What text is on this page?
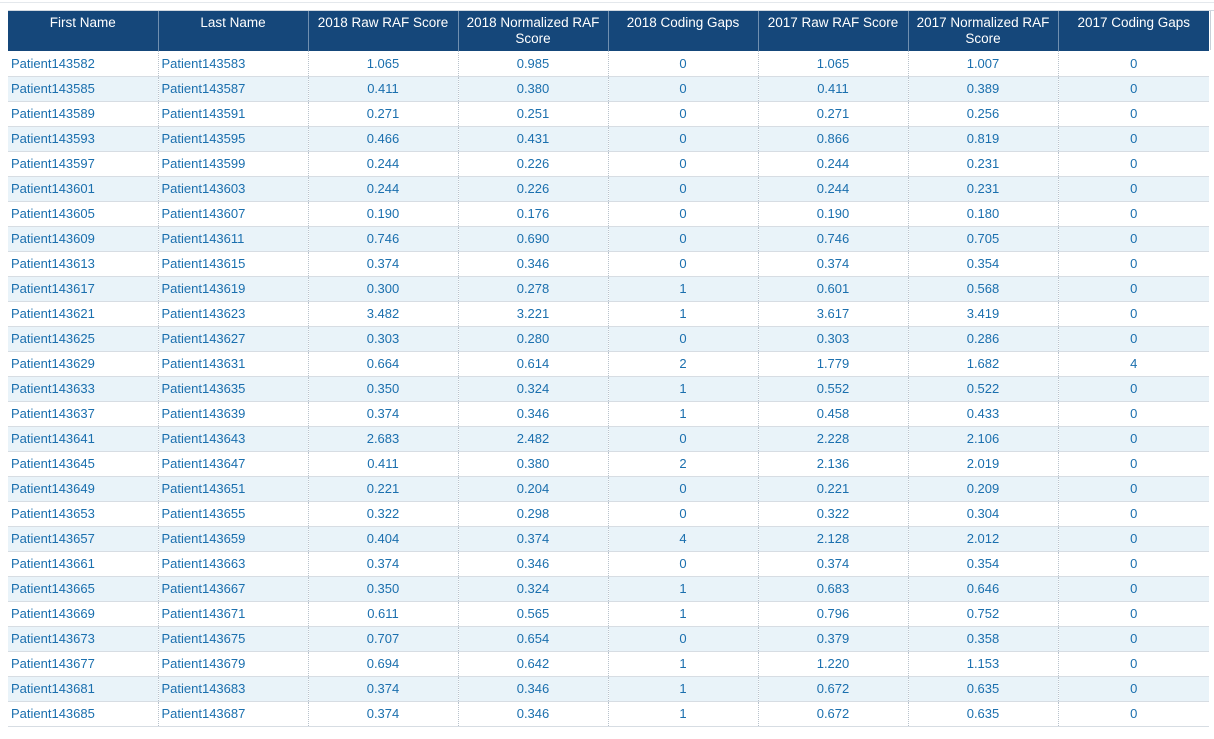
First Name	Last Name	2018 Raw RAF Score	2018 Normalized RAF Score	2018 Coding Gaps	2017 Raw RAF Score	2017 Normalized RAF Score	2017 Coding Gaps
Patient143582	Patient143583	1.065	0.985	0	1.065	1.007	0
Patient143585	Patient143587	0.411	0.380	0	0.411	0.389	0
Patient143589	Patient143591	0.271	0.251	0	0.271	0.256	0
Patient143593	Patient143595	0.466	0.431	0	0.866	0.819	0
Patient143597	Patient143599	0.244	0.226	0	0.244	0.231	0
Patient143601	Patient143603	0.244	0.226	0	0.244	0.231	0
Patient143605	Patient143607	0.190	0.176	0	0.190	0.180	0
Patient143609	Patient143611	0.746	0.690	0	0.746	0.705	0
Patient143613	Patient143615	0.374	0.346	0	0.374	0.354	0
Patient143617	Patient143619	0.300	0.278	1	0.601	0.568	0
Patient143621	Patient143623	3.482	3.221	1	3.617	3.419	0
Patient143625	Patient143627	0.303	0.280	0	0.303	0.286	0
Patient143629	Patient143631	0.664	0.614	2	1.779	1.682	4
Patient143633	Patient143635	0.350	0.324	1	0.552	0.522	0
Patient143637	Patient143639	0.374	0.346	1	0.458	0.433	0
Patient143641	Patient143643	2.683	2.482	0	2.228	2.106	0
Patient143645	Patient143647	0.411	0.380	2	2.136	2.019	0
Patient143649	Patient143651	0.221	0.204	0	0.221	0.209	0
Patient143653	Patient143655	0.322	0.298	0	0.322	0.304	0
Patient143657	Patient143659	0.404	0.374	4	2.128	2.012	0
Patient143661	Patient143663	0.374	0.346	0	0.374	0.354	0
Patient143665	Patient143667	0.350	0.324	1	0.683	0.646	0
Patient143669	Patient143671	0.611	0.565	1	0.796	0.752	0
Patient143673	Patient143675	0.707	0.654	0	0.379	0.358	0
Patient143677	Patient143679	0.694	0.642	1	1.220	1.153	0
Patient143681	Patient143683	0.374	0.346	1	0.672	0.635	0
Patient143685	Patient143687	0.374	0.346	1	0.672	0.635	0
